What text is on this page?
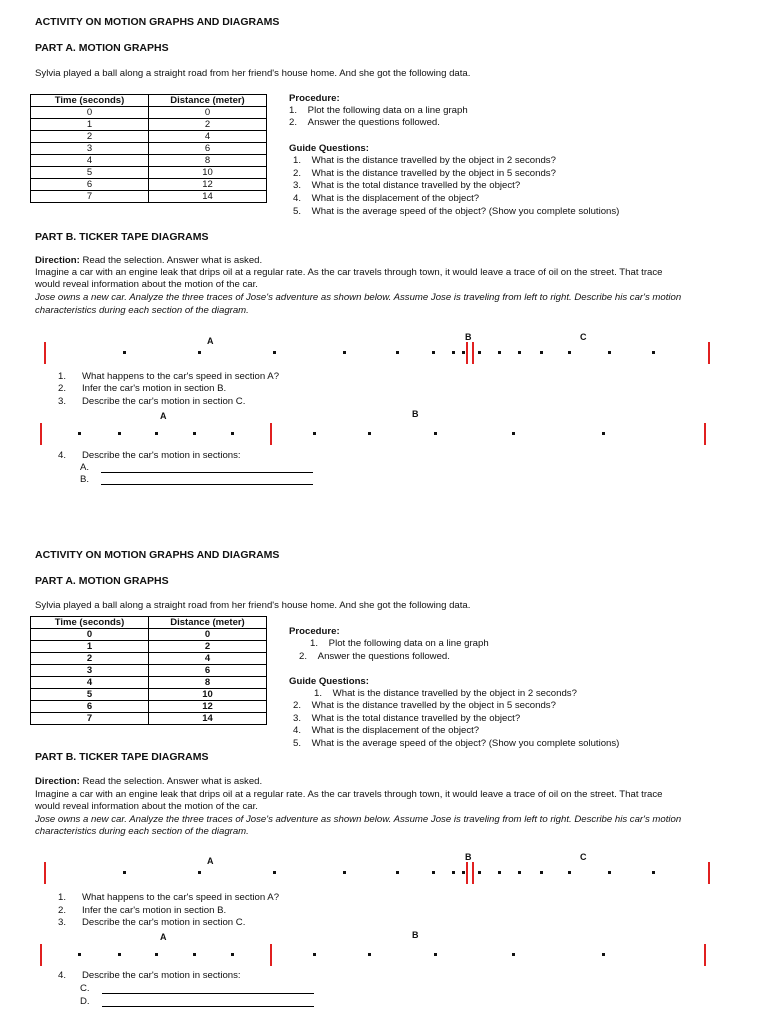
ACTIVITY ON MOTION GRAPHS AND DIAGRAMS
PART A. MOTION GRAPHS
Sylvia played a ball along a straight road from her friend's house home. And she got the following data.
Time (seconds)	Distance (meter)
0	0
1	2
2	4
3	6
4	8
5	10
6	12
7	14
Procedure:
1.    Plot the following data on a line graph
2.    Answer the questions followed.
Guide Questions:
1.    What is the distance travelled by the object in 2 seconds?
2.    What is the distance travelled by the object in 5 seconds?
3.    What is the total distance travelled by the object?
4.    What is the displacement of the object?
5.    What is the average speed of the object? (Show you complete solutions)
PART B. TICKER TAPE DIAGRAMS
Direction: Read the selection. Answer what is asked.
Imagine a car with an engine leak that drips oil at a regular rate. As the car travels through town, it would leave a trace of oil on the street. That trace
would reveal information about the motion of the car.
Jose owns a new car. Analyze the three traces of Jose's adventure as shown below. Assume Jose is traveling from left to right. Describe his car's motion
characteristics during each section of the diagram.
A	B	C
1.      What happens to the car's speed in section A?
2.      Infer the car's motion in section B.
3.      Describe the car's motion in section C.
A	B
4.      Describe the car's motion in sections:
A.
B.
ACTIVITY ON MOTION GRAPHS AND DIAGRAMS
PART A. MOTION GRAPHS
Sylvia played a ball along a straight road from her friend's house home. And she got the following data.
Time (seconds)	Distance (meter)
0	0
1	2
2	4
3	6
4	8
5	10
6	12
7	14
Procedure:
1.    Plot the following data on a line graph
2.    Answer the questions followed.
Guide Questions:
1.    What is the distance travelled by the object in 2 seconds?
2.    What is the distance travelled by the object in 5 seconds?
3.    What is the total distance travelled by the object?
4.    What is the displacement of the object?
5.    What is the average speed of the object? (Show you complete solutions)
PART B. TICKER TAPE DIAGRAMS
Direction: Read the selection. Answer what is asked.
Imagine a car with an engine leak that drips oil at a regular rate. As the car travels through town, it would leave a trace of oil on the street. That trace
would reveal information about the motion of the car.
Jose owns a new car. Analyze the three traces of Jose's adventure as shown below. Assume Jose is traveling from left to right. Describe his car's motion
characteristics during each section of the diagram.
A	B	C
1.      What happens to the car's speed in section A?
2.      Infer the car's motion in section B.
3.      Describe the car's motion in section C.
A	B
4.      Describe the car's motion in sections:
C.
D.
